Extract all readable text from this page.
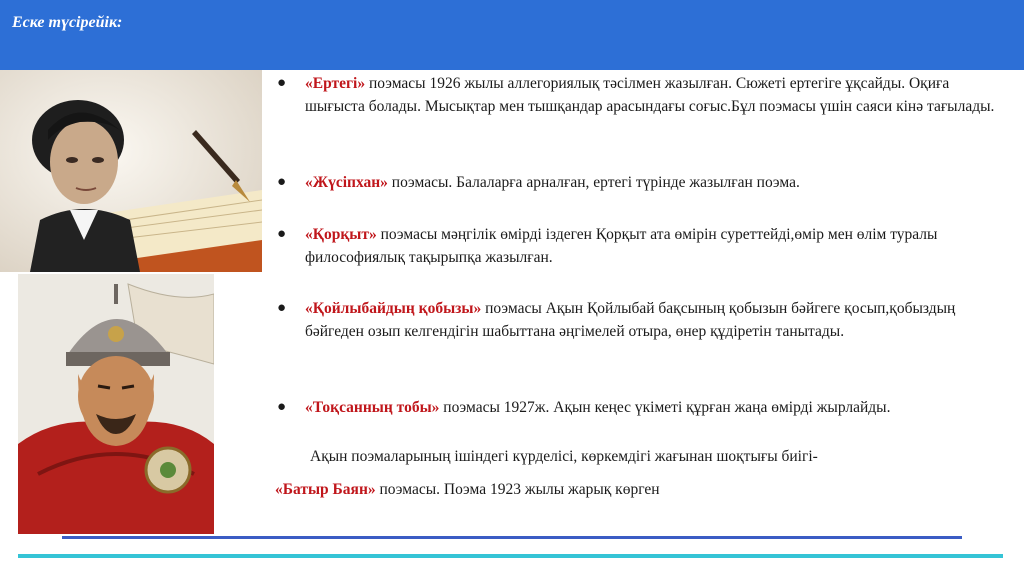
Еске түсірейік:
● «Ертегі» поэмасы 1926 жылы аллегориялық тәсілмен жазылған. Сюжеті ертегіге ұқсайды. Оқиға шығыста болады. Мысықтар мен тышқандар арасындағы соғыс.Бұл поэмасы үшін саяси кінә тағылады.
● «Жүсіпхан» поэмасы. Балаларға арналған, ертегі түрінде жазылған поэма.
● «Қорқыт» поэмасы мәңгілік өмірді іздеген Қорқыт ата өмірін суреттейді,өмір мен өлім туралы философиялық тақырыпқа жазылған.
● «Қойлыбайдың қобызы» поэмасы Ақын Қойлыбай бақсының қобызын бәйгеге қосып,қобыздың бәйгеден озып келгендігін шабыттана әңгімелей отыра, өнер құдіретін танытады.
● «Тоқсанның тобы» поэмасы 1927ж. Ақын кеңес үкіметі құрған жаңа өмірді жырлайды.
Ақын поэмаларының ішіндегі күрделісі, көркемдігі жағынан шоқтығы биігі-
«Батыр Баян» поэмасы. Поэма 1923 жылы жарық көрген
